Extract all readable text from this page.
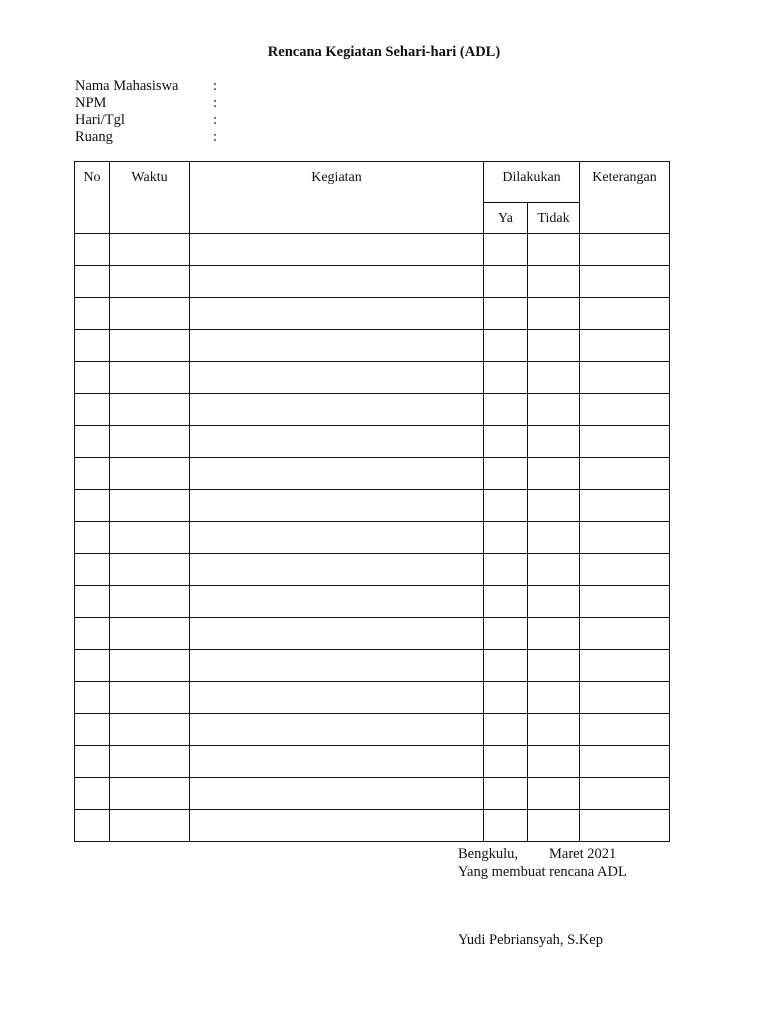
Rencana Kegiatan Sehari-hari (ADL)
Nama Mahasiswa :
NPM	:
Hari/Tgl	:
Ruang	:
No	Waktu	Kegiatan	Dilakukan		Keterangan
			Ya	Tidak	

Bengkulu, Maret 2021
Yang membuat rencana ADL
Yudi Pebriansyah, S.Kep
